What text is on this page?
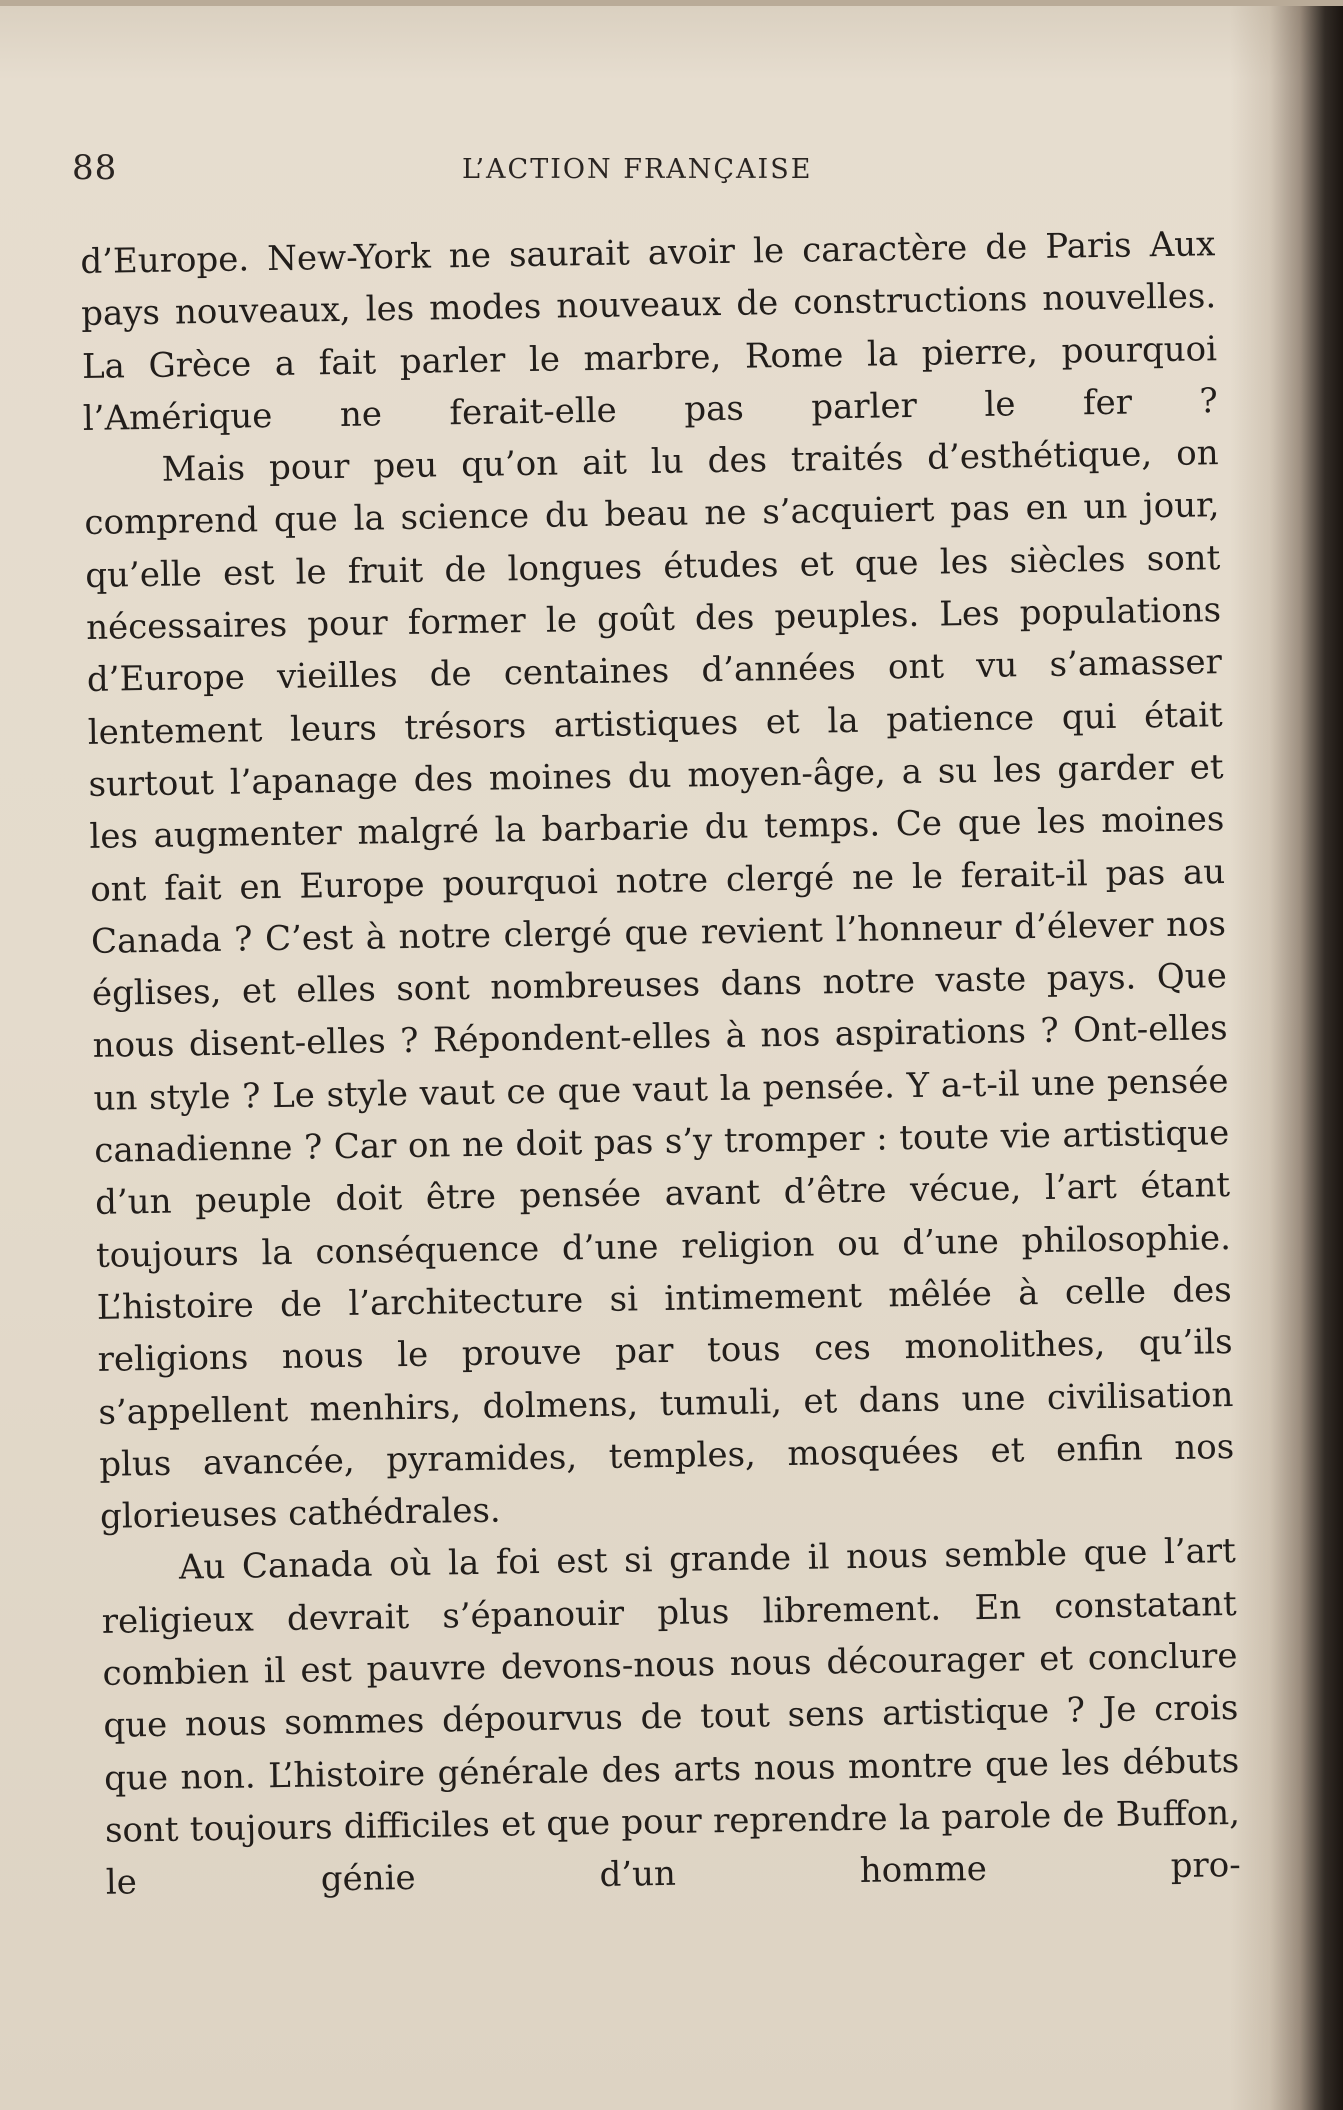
88	L’ACTION FRANÇAISE

d’Europe. New-York ne saurait avoir le caractère de Paris Aux pays nouveaux, les modes nouveaux de constructions nouvelles. La Grèce a fait parler le marbre, Rome la pierre, pourquoi l’Amérique ne ferait-elle pas parler le fer ?

Mais pour peu qu’on ait lu des traités d’esthétique, on comprend que la science du beau ne s’acquiert pas en un jour, qu’elle est le fruit de longues études et que les siècles sont nécessaires pour former le goût des peuples. Les populations d’Europe vieilles de centaines d’années ont vu s’amasser lentement leurs trésors artistiques et la patience qui était surtout l’apanage des moines du moyen-âge, a su les garder et les augmenter malgré la barbarie du temps. Ce que les moines ont fait en Europe pourquoi notre clergé ne le ferait-il pas au Canada ? C’est à notre clergé que revient l’honneur d’élever nos églises, et elles sont nombreuses dans notre vaste pays. Que nous disent-elles ? Répondent-elles à nos aspirations ? Ont-elles un style ? Le style vaut ce que vaut la pensée. Y a-t-il une pensée canadienne ? Car on ne doit pas s’y tromper : toute vie artistique d’un peuple doit être pensée avant d’être vécue, l’art étant toujours la conséquence d’une religion ou d’une philosophie. L’histoire de l’architecture si intimement mêlée à celle des religions nous le prouve par tous ces monolithes, qu’ils s’appellent menhirs, dolmens, tumuli, et dans une civilisation plus avancée, pyramides, temples, mosquées et enfin nos glorieuses cathédrales.

Au Canada où la foi est si grande il nous semble que l’art religieux devrait s’épanouir plus librement. En constatant combien il est pauvre devons-nous nous décourager et conclure que nous sommes dépourvus de tout sens artistique ? Je crois que non. L’histoire générale des arts nous montre que les débuts sont toujours difficiles et que pour reprendre la parole de Buffon, le génie d’un homme pro-
